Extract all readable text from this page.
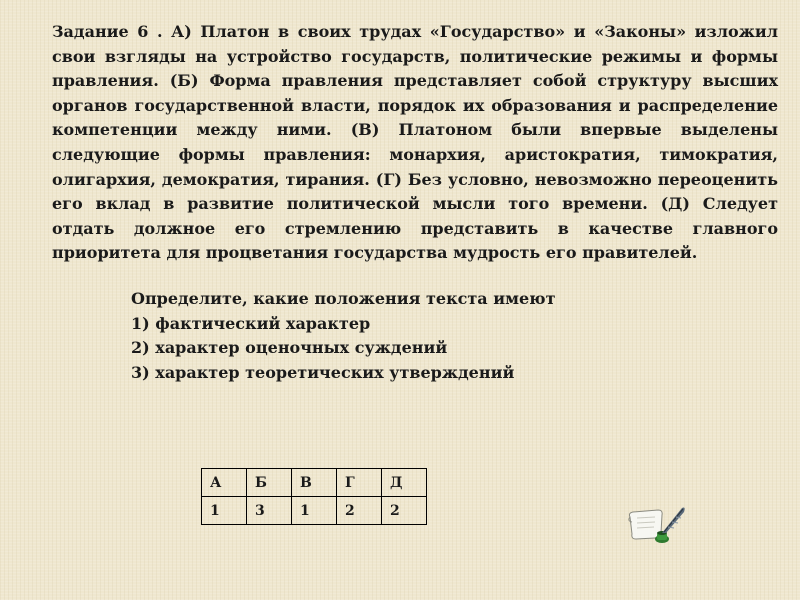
Задание 6 . А) Платон в своих трудах «Государство» и «Законы» изложил свои взгляды на устройство государств, политические режимы и формы правления. (Б) Форма правления представляет собой структуру высших органов государственной власти, порядок их образования и распределение компетенции между ними. (В) Платоном были впервые выделены следующие формы правления: монархия, аристократия, тимократия, олигархия, демократия, тирания. (Г) Без условно, невозможно переоценить его вклад в развитие политической мысли того времени. (Д) Следует отдать должное его стремлению представить в качестве главного приоритета для процветания государства мудрость его правителей.

Определите, какие положения текста имеют
1) фактический характер
2) характер оценочных суждений
3) характер теоретических утверждений
А	Б	В	Г	Д
1	3	1	2	2
